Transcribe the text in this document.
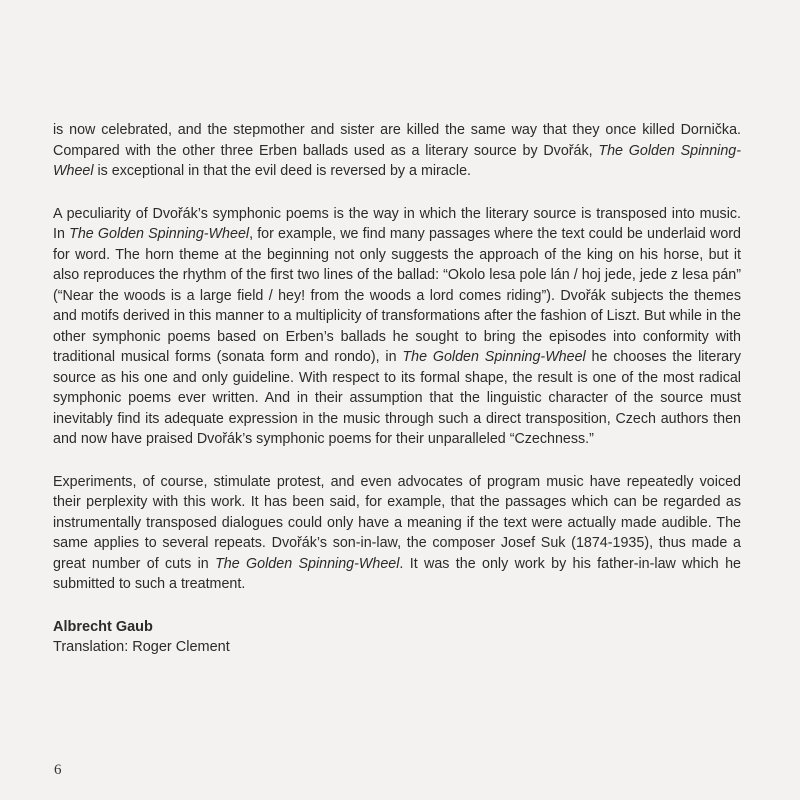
is now celebrated, and the stepmother and sister are killed the same way that they once killed Dornička. Compared with the other three Erben ballads used as a literary source by Dvořák, The Golden Spinning-Wheel is exceptional in that the evil deed is reversed by a miracle.

A peculiarity of Dvořák’s symphonic poems is the way in which the literary source is transposed into music. In The Golden Spinning-Wheel, for example, we find many passages where the text could be underlaid word for word. The horn theme at the beginning not only suggests the approach of the king on his horse, but it also reproduces the rhythm of the first two lines of the ballad: “Okolo lesa pole lán / hoj jede, jede z lesa pán” (“Near the woods is a large field / hey! from the woods a lord comes riding”). Dvořák subjects the themes and motifs derived in this manner to a multiplicity of transformations after the fashion of Liszt. But while in the other symphonic poems based on Erben’s ballads he sought to bring the episodes into conformity with traditional musical forms (sonata form and rondo), in The Golden Spinning-Wheel he chooses the literary source as his one and only guideline. With respect to its formal shape, the result is one of the most radical symphonic poems ever written. And in their assumption that the linguistic character of the source must inevitably find its adequate expression in the music through such a direct transposition, Czech authors then and now have praised Dvořák’s symphonic poems for their unparalleled “Czechness.”

Experiments, of course, stimulate protest, and even advocates of program music have repeatedly voiced their perplexity with this work. It has been said, for example, that the passages which can be regarded as instrumentally transposed dialogues could only have a meaning if the text were actually made audible. The same applies to several repeats. Dvořák’s son-in-law, the composer Josef Suk (1874-1935), thus made a great number of cuts in The Golden Spinning-Wheel. It was the only work by his father-in-law which he submitted to such a treatment.

Albrecht Gaub
Translation: Roger Clement
6
